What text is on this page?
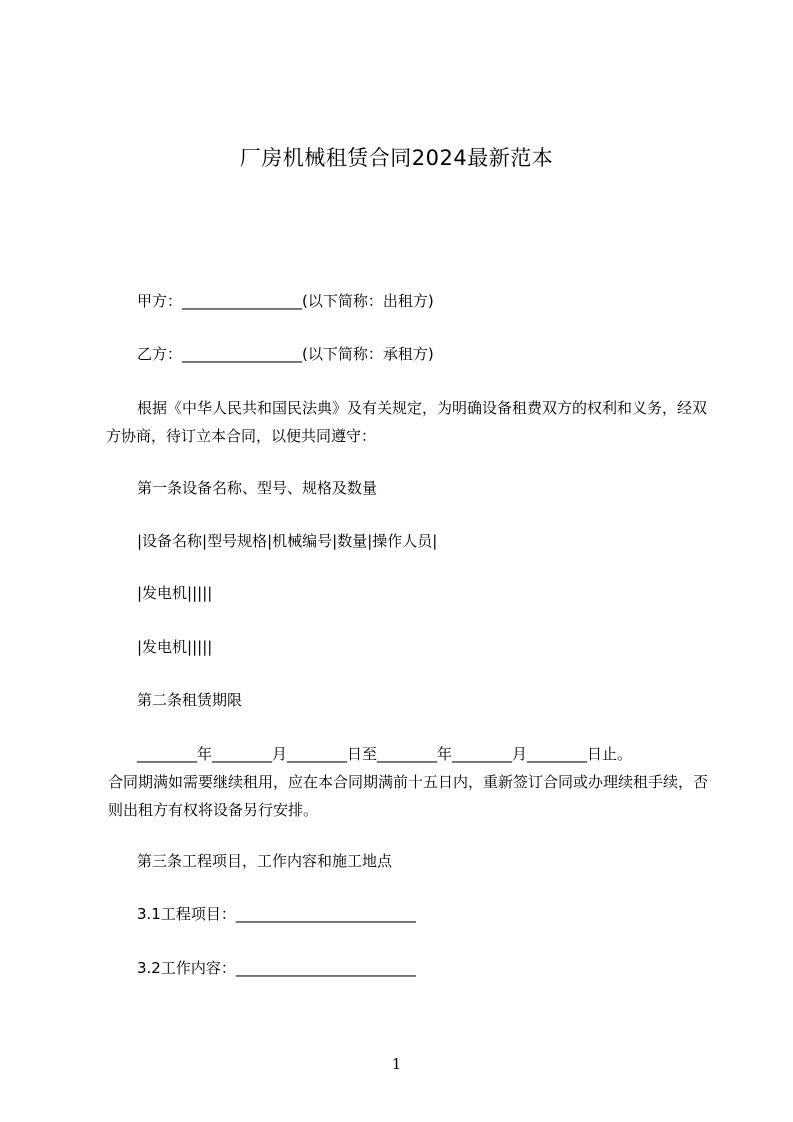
厂房机械租赁合同2024最新范本
甲方：________________(以下简称：出租方)
乙方：________________(以下简称：承租方)
根据《中华人民共和国民法典》及有关规定，为明确设备租费双方的权利和义务，经双方协商，待订立本合同，以便共同遵守：
第一条设备名称、型号、规格及数量
|设备名称|型号规格|机械编号|数量|操作人员|
|发电机|||||
|发电机|||||
第二条租赁期限
________年________月________日至________年________月________日止。
合同期满如需要继续租用，应在本合同期满前十五日内，重新签订合同或办理续租手续，否则出租方有权将设备另行安排。
第三条工程项目，工作内容和施工地点
3.1工程项目：________________________
3.2工作内容：________________________
1
